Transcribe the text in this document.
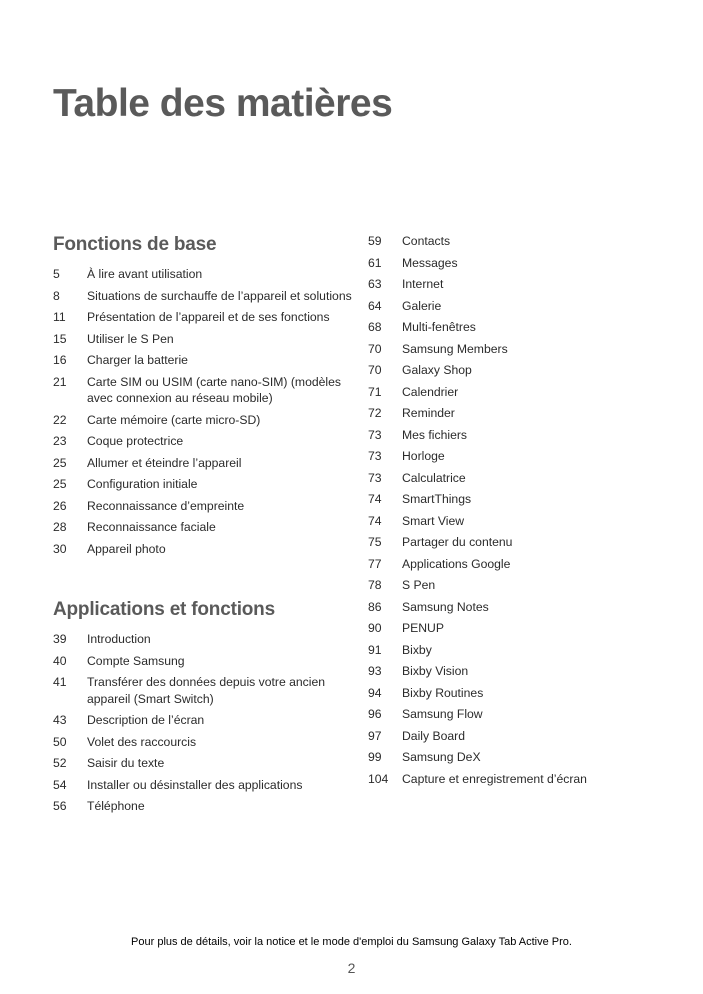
Table des matières
Fonctions de base
5	À lire avant utilisation
8	Situations de surchauffe de l’appareil et solutions
11	Présentation de l’appareil et de ses fonctions
15	Utiliser le S Pen
16	Charger la batterie
21	Carte SIM ou USIM (carte nano-SIM) (modèles avec connexion au réseau mobile)
22	Carte mémoire (carte micro-SD)
23	Coque protectrice
25	Allumer et éteindre l’appareil
25	Configuration initiale
26	Reconnaissance d’empreinte
28	Reconnaissance faciale
30	Appareil photo
Applications et fonctions
39	Introduction
40	Compte Samsung
41	Transférer des données depuis votre ancien appareil (Smart Switch)
43	Description de l’écran
50	Volet des raccourcis
52	Saisir du texte
54	Installer ou désinstaller des applications
56	Téléphone
59	Contacts
61	Messages
63	Internet
64	Galerie
68	Multi-fenêtres
70	Samsung Members
70	Galaxy Shop
71	Calendrier
72	Reminder
73	Mes fichiers
73	Horloge
73	Calculatrice
74	SmartThings
74	Smart View
75	Partager du contenu
77	Applications Google
78	S Pen
86	Samsung Notes
90	PENUP
91	Bixby
93	Bixby Vision
94	Bixby Routines
96	Samsung Flow
97	Daily Board
99	Samsung DeX
104	Capture et enregistrement d’écran
Pour plus de détails, voir la notice et le mode d'emploi du Samsung Galaxy Tab Active Pro.
2
